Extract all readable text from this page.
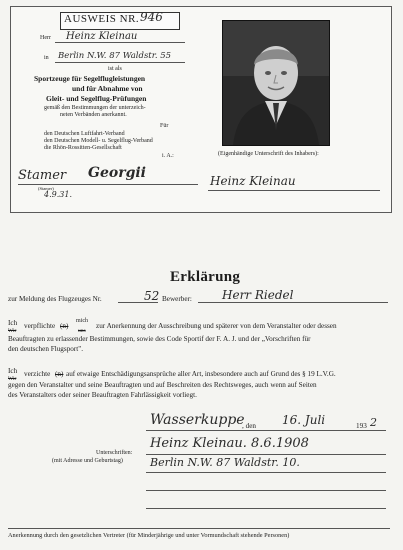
AUSWEIS NR. 946
Herr Heinz Kleinau
in Berlin N.W. 87 Waldstr. 55
ist als
Sportzeuge für Segelflugleistungen
und für Abnahme von
Gleit- und Segelflug-Prüfungen
gemäß den Bestimmungen der unterzeich-
neten Verbänden anerkannt.
Für
den Deutschen Luftfahrt-Verband
den Deutschen Modell- u. Segelflug-Verband
die Rhön-Rossitten-Gesellschaft
i. A.:
Stamer
(Stamer)
Georgii
4.9.31.
(Eigenhändige Unterschrift des Inhabers):
Heinz Kleinau
Erklärung
zur Meldung des Flugzeuges Nr.	52 Bewerber:	Herr Riedel
Ich
Wir
verpflichte (n)
mich
uns
zur Anerkennung der Ausschreibung und späterer von dem Veranstalter oder dessen
Beauftragten zu erlassender Bestimmungen, sowie des Code Sportif der F. A. J. und der „Vorschriften für
den deutschen Flugsport".
Ich
Wir
verzichte (n) auf etwaige Entschädigungsansprüche aller Art, insbesondere auch auf Grund des § 19 L.V.G.
gegen den Veranstalter und seine Beauftragten und auf Beschreiten des Rechtsweges, auch wenn auf Seiten
des Veranstalters oder seiner Beauftragten Fahrlässigkeit vorliegt.
Wasserkuppe
, den 16. Juli	193 2
Unterschriften:
(mit Adresse und Geburtstag)
Heinz Kleinau. 8.6.1908
Berlin N.W. 87 Waldstr. 10.
Anerkennung durch den gesetzlichen Vertreter (für Minderjährige und unter Vormundschaft stehende Personen)
